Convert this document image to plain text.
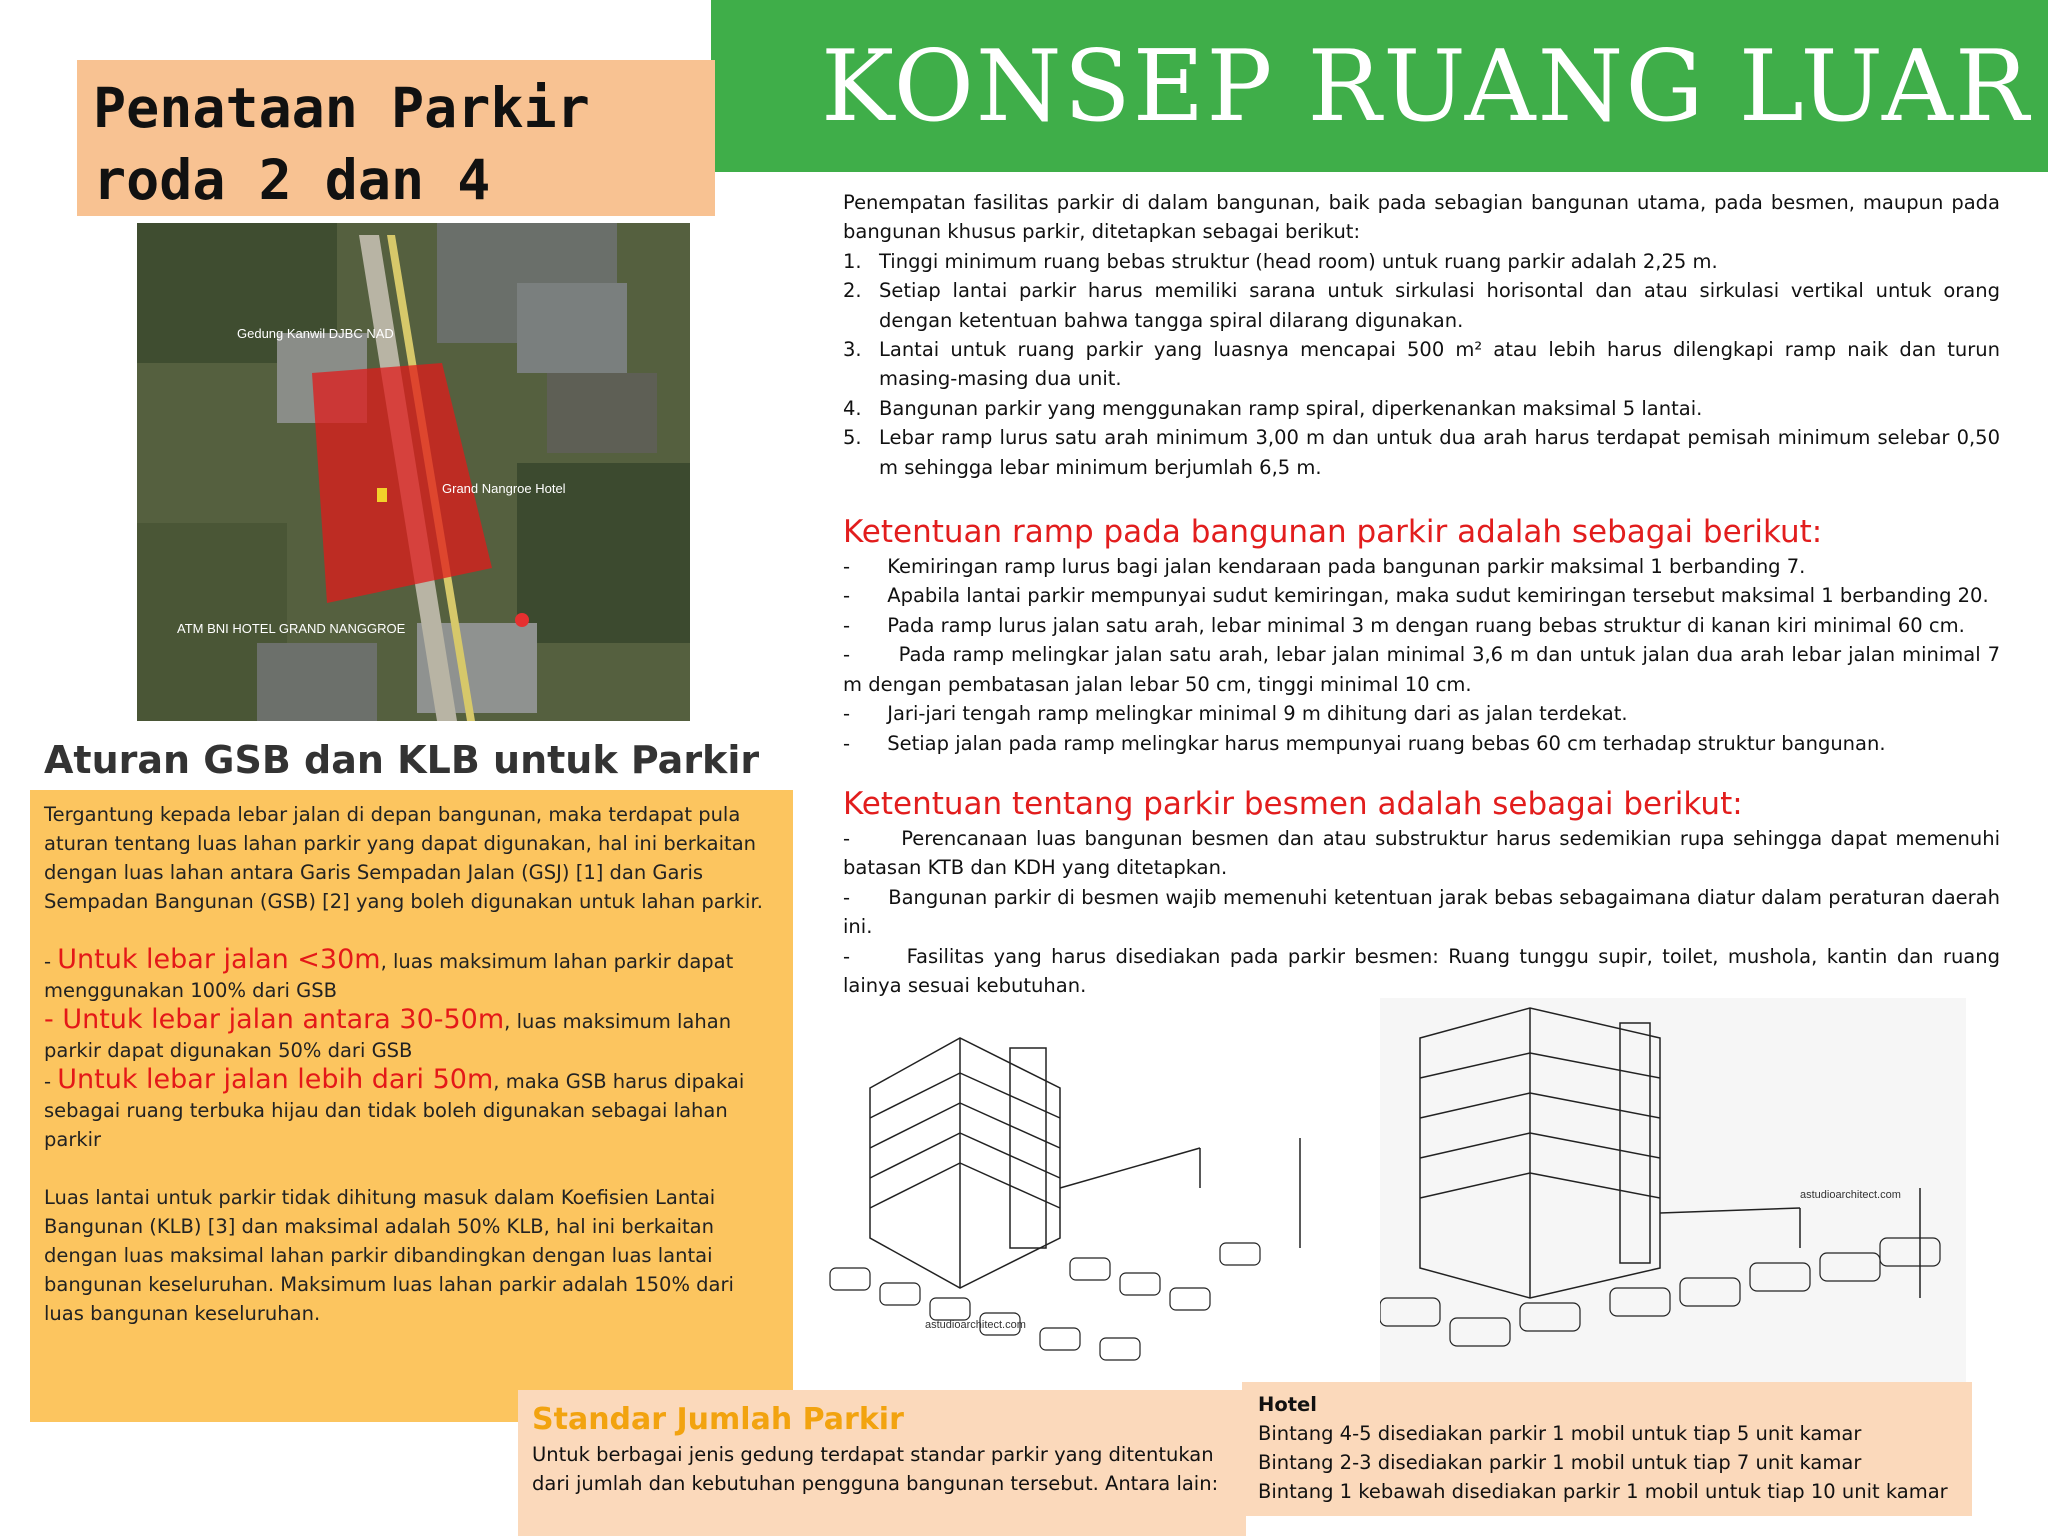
KONSEP RUANG LUAR
Penataan Parkir
roda 2 dan 4
Gedung Kanwil DJBC NAD
Grand Nangroe Hotel
ATM BNI HOTEL GRAND NANGGROE
Aturan GSB dan KLB untuk Parkir

Tergantung kepada lebar jalan di depan bangunan, maka terdapat pula aturan tentang luas lahan parkir yang dapat digunakan, hal ini berkaitan dengan luas lahan antara Garis Sempadan Jalan (GSJ) [1] dan Garis Sempadan Bangunan (GSB) [2] yang boleh digunakan untuk lahan parkir.

- Untuk lebar jalan <30m, luas maksimum lahan parkir dapat menggunakan 100% dari GSB

- Untuk lebar jalan antara 30-50m, luas maksimum lahan parkir dapat digunakan 50% dari GSB

- Untuk lebar jalan lebih dari 50m, maka GSB harus dipakai sebagai ruang terbuka hijau dan tidak boleh digunakan sebagai lahan parkir

Luas lantai untuk parkir tidak dihitung masuk dalam Koefisien Lantai Bangunan (KLB) [3] dan maksimal adalah 50% KLB, hal ini berkaitan dengan luas maksimal lahan parkir dibandingkan dengan luas lantai bangunan keseluruhan. Maksimum luas lahan parkir adalah 150% dari luas bangunan keseluruhan.

Penempatan fasilitas parkir di dalam bangunan, baik pada sebagian bangunan utama, pada besmen, maupun pada bangunan khusus parkir, ditetapkan sebagai berikut:

1. Tinggi minimum ruang bebas struktur (head room) untuk ruang parkir adalah 2,25 m.
2. Setiap lantai parkir harus memiliki sarana untuk sirkulasi horisontal dan atau sirkulasi vertikal untuk orang dengan ketentuan bahwa tangga spiral dilarang digunakan.
3. Lantai untuk ruang parkir yang luasnya mencapai 500 m² atau lebih harus dilengkapi ramp naik dan turun masing-masing dua unit.
4. Bangunan parkir yang menggunakan ramp spiral, diperkenankan maksimal 5 lantai.
5. Lebar ramp lurus satu arah minimum 3,00 m dan untuk dua arah harus terdapat pemisah minimum selebar 0,50 m sehingga lebar minimum berjumlah 6,5 m.

Ketentuan ramp pada bangunan parkir adalah sebagai berikut:

-      Kemiringan ramp lurus bagi jalan kendaraan pada bangunan parkir maksimal 1 berbanding 7.

-      Apabila lantai parkir mempunyai sudut kemiringan, maka sudut kemiringan tersebut maksimal 1 berbanding 20.

-      Pada ramp lurus jalan satu arah, lebar minimal 3 m dengan ruang bebas struktur di kanan kiri minimal 60 cm.

-       Pada ramp melingkar jalan satu arah, lebar jalan minimal 3,6 m dan untuk jalan dua arah lebar jalan minimal 7 m dengan pembatasan jalan lebar 50 cm, tinggi minimal 10 cm.

-      Jari-jari tengah ramp melingkar minimal 9 m dihitung dari as jalan terdekat.

-      Setiap jalan pada ramp melingkar harus mempunyai ruang bebas 60 cm terhadap struktur bangunan.

Ketentuan tentang parkir besmen adalah sebagai berikut:

-      Perencanaan luas bangunan besmen dan atau substruktur harus sedemikian rupa sehingga dapat memenuhi batasan KTB dan KDH yang ditetapkan.

-      Bangunan parkir di besmen wajib memenuhi ketentuan jarak bebas sebagaimana diatur dalam peraturan daerah ini.

-      Fasilitas yang harus disediakan pada parkir besmen: Ruang tunggu supir, toilet, mushola, kantin dan ruang lainya sesuai kebutuhan.

astudioarchitect.com
astudioarchitect.com
Standar Jumlah Parkir
Untuk berbagai jenis gedung terdapat standar parkir yang ditentukan dari jumlah dan kebutuhan pengguna bangunan tersebut. Antara lain:
Hotel
Bintang 4-5 disediakan parkir 1 mobil untuk tiap 5 unit kamar
Bintang 2-3 disediakan parkir 1 mobil untuk tiap 7 unit kamar
Bintang 1 kebawah disediakan parkir 1 mobil untuk tiap 10 unit kamar
